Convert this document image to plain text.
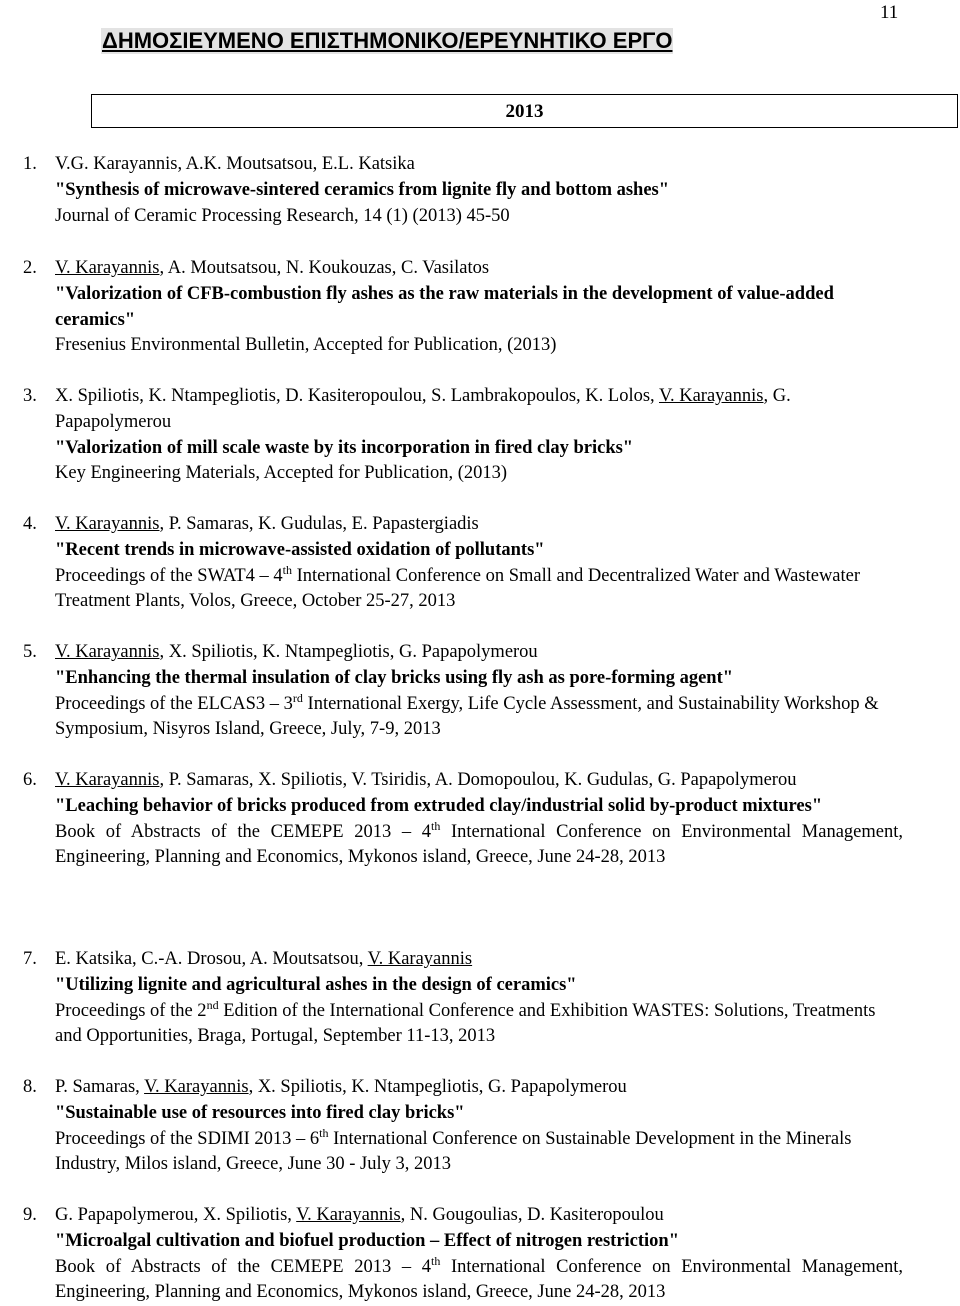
11
ΔΗΜΟΣΙΕΥΜΕΝΟ ΕΠΙΣΤΗΜΟΝΙΚΟ/ΕΡΕΥΝΗΤΙΚΟ ΕΡΓΟ
2013
1. V.G. Karayannis, A.K. Moutsatsou, E.L. Katsika
"Synthesis of microwave-sintered ceramics from lignite fly and bottom ashes"
Journal of Ceramic Processing Research, 14 (1) (2013) 45-50
2. V. Karayannis, A. Moutsatsou, N. Koukouzas, C. Vasilatos
"Valorization of CFB-combustion fly ashes as the raw materials in the development of value-added ceramics"
Fresenius Environmental Bulletin, Accepted for Publication, (2013)
3. X. Spiliotis, K. Ntampegliotis, D. Kasiteropoulou, S. Lambrakopoulos, K. Lolos, V. Karayannis, G. Papapolymerou
"Valorization of mill scale waste by its incorporation in fired clay bricks"
Key Engineering Materials, Accepted for Publication, (2013)
4. V. Karayannis, P. Samaras, K. Gudulas, E. Papastergiadis
"Recent trends in microwave-assisted oxidation of pollutants"
Proceedings of the SWAT4 – 4th International Conference on Small and Decentralized Water and Wastewater Treatment Plants, Volos, Greece, October 25-27, 2013
5. V. Karayannis, X. Spiliotis, K. Ntampegliotis, G. Papapolymerou
"Enhancing the thermal insulation of clay bricks using fly ash as pore-forming agent"
Proceedings of the ELCAS3 – 3rd International Exergy, Life Cycle Assessment, and Sustainability Workshop & Symposium, Nisyros Island, Greece, July, 7-9, 2013
6. V. Karayannis, P. Samaras, X. Spiliotis, V. Tsiridis, A. Domopoulou, K. Gudulas, G. Papapolymerou
"Leaching behavior of bricks produced from extruded clay/industrial solid by-product mixtures"
Book of Abstracts of the CEMEPE 2013 – 4th International Conference on Environmental Management, Engineering, Planning and Economics, Mykonos island, Greece, June 24-28, 2013
7. E. Katsika, C.-A. Drosou, A. Moutsatsou, V. Karayannis
"Utilizing lignite and agricultural ashes in the design of ceramics"
Proceedings of the 2nd Edition of the International Conference and Exhibition WASTES: Solutions, Treatments and Opportunities, Braga, Portugal, September 11-13, 2013
8. P. Samaras, V. Karayannis, X. Spiliotis, K. Ntampegliotis, G. Papapolymerou
"Sustainable use of resources into fired clay bricks"
Proceedings of the SDIMI 2013 – 6th International Conference on Sustainable Development in the Minerals Industry, Milos island, Greece, June 30 - July 3, 2013
9. G. Papapolymerou, X. Spiliotis, V. Karayannis, N. Gougoulias, D. Kasiteropoulou
"Microalgal cultivation and biofuel production – Effect of nitrogen restriction"
Book of Abstracts of the CEMEPE 2013 – 4th International Conference on Environmental Management, Engineering, Planning and Economics, Mykonos island, Greece, June 24-28, 2013
